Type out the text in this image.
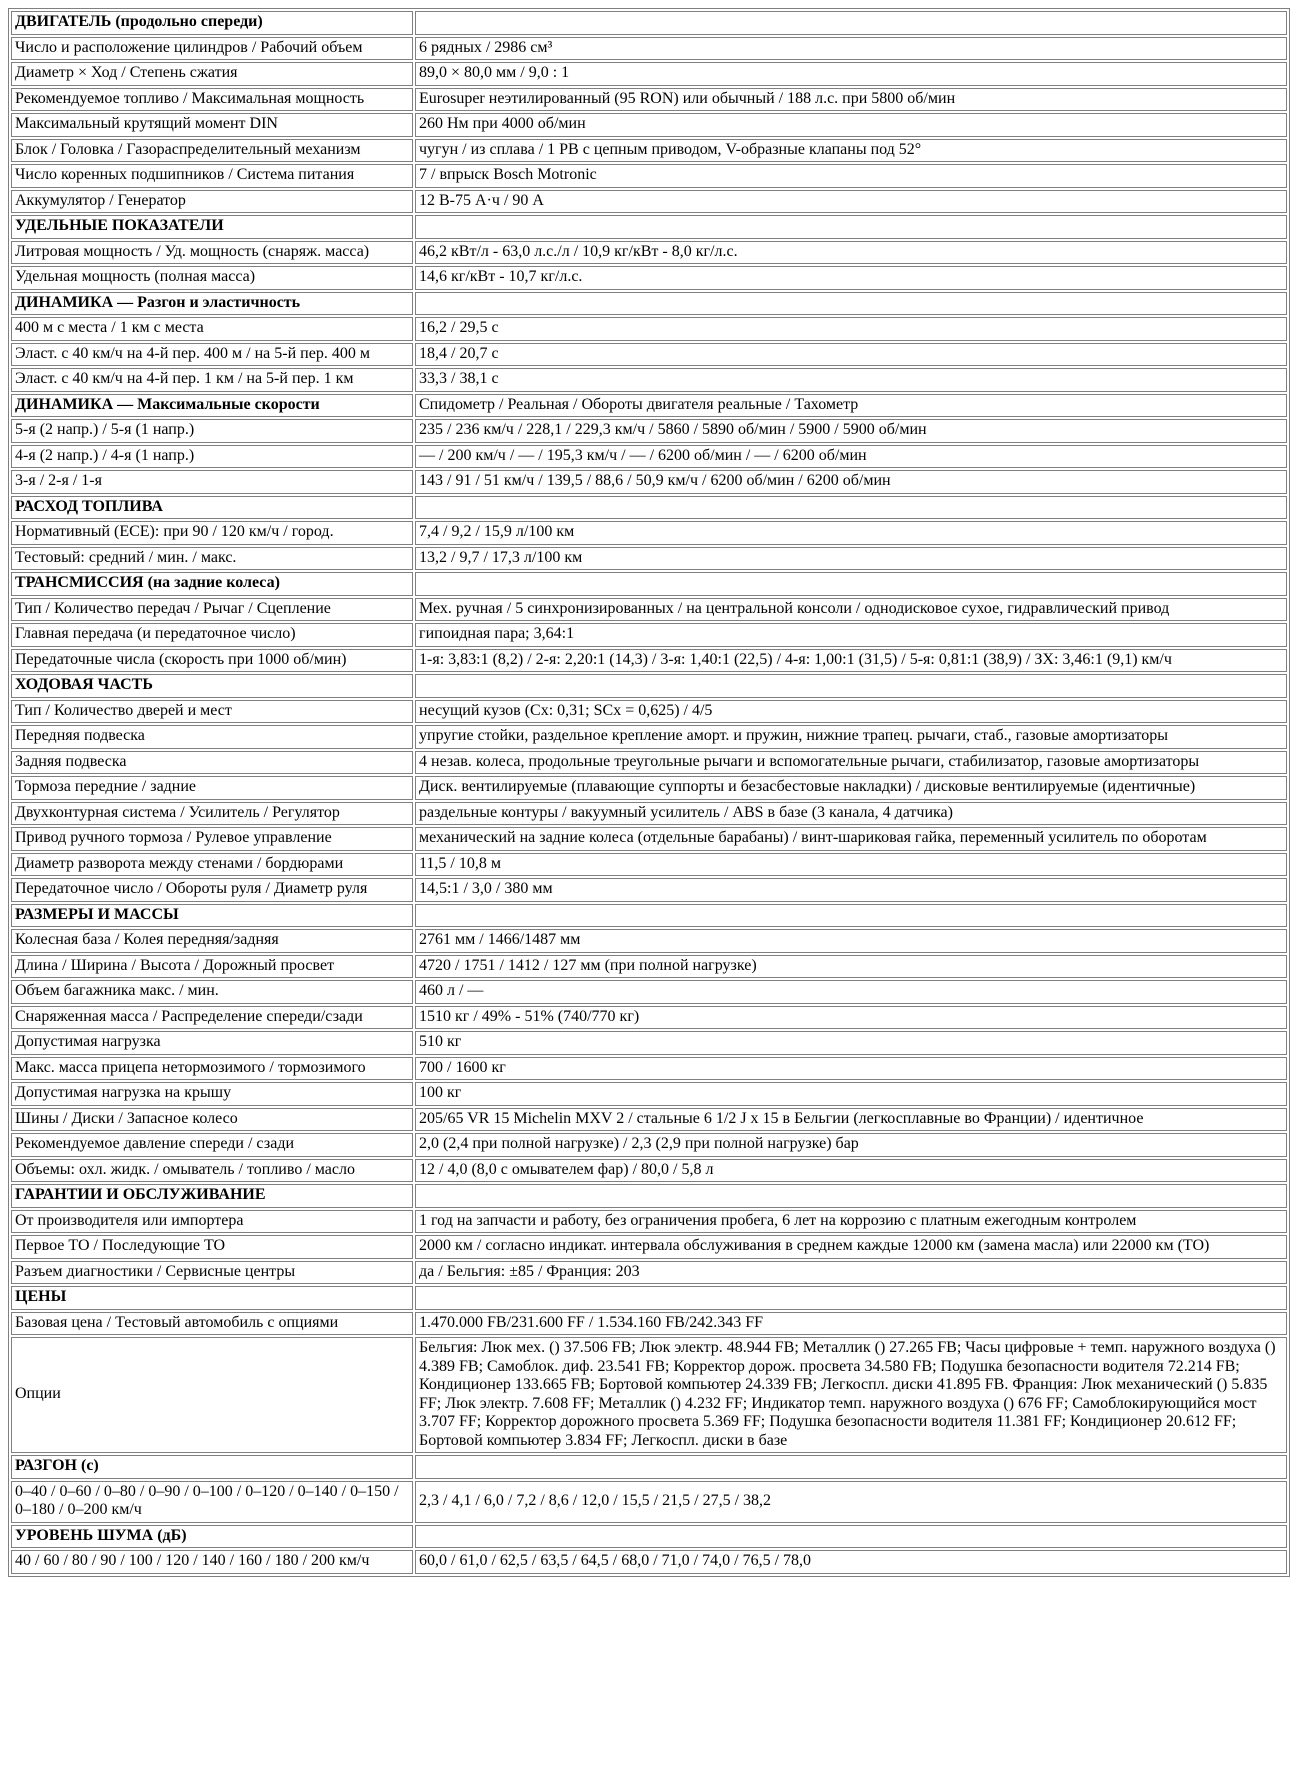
ДВИГАТЕЛЬ (продольно спереди)	
Число и расположение цилиндров / Рабочий объем	6 рядных / 2986 см³
Диаметр × Ход / Степень сжатия	89,0 × 80,0 мм / 9,0 : 1
Рекомендуемое топливо / Максимальная мощность	Eurosuper неэтилированный (95 RON) или обычный / 188 л.с. при 5800 об/мин
Максимальный крутящий момент DIN	260 Нм при 4000 об/мин
Блок / Головка / Газораспределительный механизм	чугун / из сплава / 1 РВ с цепным приводом, V-образные клапаны под 52°
Число коренных подшипников / Система питания	7 / впрыск Bosch Motronic
Аккумулятор / Генератор	12 В-75 А·ч / 90 А
УДЕЛЬНЫЕ ПОКАЗАТЕЛИ	
Литровая мощность / Уд. мощность (снаряж. масса)	46,2 кВт/л - 63,0 л.с./л / 10,9 кг/кВт - 8,0 кг/л.с.
Удельная мощность (полная масса)	14,6 кг/кВт - 10,7 кг/л.с.
ДИНАМИКА — Разгон и эластичность	
400 м с места / 1 км с места	16,2 / 29,5 с
Эласт. с 40 км/ч на 4-й пер. 400 м / на 5-й пер. 400 м	18,4 / 20,7 с
Эласт. с 40 км/ч на 4-й пер. 1 км / на 5-й пер. 1 км	33,3 / 38,1 с
ДИНАМИКА — Максимальные скорости	Спидометр / Реальная / Обороты двигателя реальные / Тахометр
5-я (2 напр.) / 5-я (1 напр.)	235 / 236 км/ч / 228,1 / 229,3 км/ч / 5860 / 5890 об/мин / 5900 / 5900 об/мин
4-я (2 напр.) / 4-я (1 напр.)	— / 200 км/ч / — / 195,3 км/ч / — / 6200 об/мин / — / 6200 об/мин
3-я / 2-я / 1-я	143 / 91 / 51 км/ч / 139,5 / 88,6 / 50,9 км/ч / 6200 об/мин / 6200 об/мин
РАСХОД ТОПЛИВА	
Нормативный (ЕСЕ): при 90 / 120 км/ч / город.	7,4 / 9,2 / 15,9 л/100 км
Тестовый: средний / мин. / макс.	13,2 / 9,7 / 17,3 л/100 км
ТРАНСМИССИЯ (на задние колеса)	
Тип / Количество передач / Рычаг / Сцепление	Мех. ручная / 5 синхронизированных / на центральной консоли / однодисковое сухое, гидравлический привод
Главная передача (и передаточное число)	гипоидная пара; 3,64:1
Передаточные числа (скорость при 1000 об/мин)	1-я: 3,83:1 (8,2) / 2-я: 2,20:1 (14,3) / 3-я: 1,40:1 (22,5) / 4-я: 1,00:1 (31,5) / 5-я: 0,81:1 (38,9) / ЗХ: 3,46:1 (9,1) км/ч
ХОДОВАЯ ЧАСТЬ	
Тип / Количество дверей и мест	несущий кузов (Cx: 0,31; SCx = 0,625) / 4/5
Передняя подвеска	упругие стойки, раздельное крепление аморт. и пружин, нижние трапец. рычаги, стаб., газовые амортизаторы
Задняя подвеска	4 незав. колеса, продольные треугольные рычаги и вспомогательные рычаги, стабилизатор, газовые амортизаторы
Тормоза передние / задние	Диск. вентилируемые (плавающие суппорты и безасбестовые накладки) / дисковые вентилируемые (идентичные)
Двухконтурная система / Усилитель / Регулятор	раздельные контуры / вакуумный усилитель / ABS в базе (3 канала, 4 датчика)
Привод ручного тормоза / Рулевое управление	механический на задние колеса (отдельные барабаны) / винт-шариковая гайка, переменный усилитель по оборотам
Диаметр разворота между стенами / бордюрами	11,5 / 10,8 м
Передаточное число / Обороты руля / Диаметр руля	14,5:1 / 3,0 / 380 мм
РАЗМЕРЫ И МАССЫ	
Колесная база / Колея передняя/задняя	2761 мм / 1466/1487 мм
Длина / Ширина / Высота / Дорожный просвет	4720 / 1751 / 1412 / 127 мм (при полной нагрузке)
Объем багажника макс. / мин.	460 л / —
Снаряженная масса / Распределение спереди/сзади	1510 кг / 49% - 51% (740/770 кг)
Допустимая нагрузка	510 кг
Макс. масса прицепа нетормозимого / тормозимого	700 / 1600 кг
Допустимая нагрузка на крышу	100 кг
Шины / Диски / Запасное колесо	205/65 VR 15 Michelin MXV 2 / стальные 6 1/2 J x 15 в Бельгии (легкосплавные во Франции) / идентичное
Рекомендуемое давление спереди / сзади	2,0 (2,4 при полной нагрузке) / 2,3 (2,9 при полной нагрузке) бар
Объемы: охл. жидк. / омыватель / топливо / масло	12 / 4,0 (8,0 с омывателем фар) / 80,0 / 5,8 л
ГАРАНТИИ И ОБСЛУЖИВАНИЕ	
От производителя или импортера	1 год на запчасти и работу, без ограничения пробега, 6 лет на коррозию с платным ежегодным контролем
Первое ТО / Последующие ТО	2000 км / согласно индикат. интервала обслуживания в среднем каждые 12000 км (замена масла) или 22000 км (ТО)
Разъем диагностики / Сервисные центры	да / Бельгия: ±85 / Франция: 203
ЦЕНЫ	
Базовая цена / Тестовый автомобиль с опциями	1.470.000 FB/231.600 FF / 1.534.160 FB/242.343 FF
Опции	Бельгия: Люк мех. () 37.506 FB; Люк электр. 48.944 FB; Металлик () 27.265 FB; Часы цифровые + темп. наружного воздуха () 4.389 FB; Самоблок. диф. 23.541 FB; Корректор дорож. просвета 34.580 FB; Подушка безопасности водителя 72.214 FB; Кондиционер 133.665 FB; Бортовой компьютер 24.339 FB; Легкоспл. диски 41.895 FB. Франция: Люк механический () 5.835 FF; Люк электр. 7.608 FF; Металлик () 4.232 FF; Индикатор темп. наружного воздуха () 676 FF; Самоблокирующийся мост 3.707 FF; Корректор дорожного просвета 5.369 FF; Подушка безопасности водителя 11.381 FF; Кондиционер 20.612 FF; Бортовой компьютер 3.834 FF; Легкоспл. диски в базе
РАЗГОН (с)	
0–40 / 0–60 / 0–80 / 0–90 / 0–100 / 0–120 / 0–140 / 0–150 / 0–180 / 0–200 км/ч	2,3 / 4,1 / 6,0 / 7,2 / 8,6 / 12,0 / 15,5 / 21,5 / 27,5 / 38,2
УРОВЕНЬ ШУМА (дБ)	
40 / 60 / 80 / 90 / 100 / 120 / 140 / 160 / 180 / 200 км/ч	60,0 / 61,0 / 62,5 / 63,5 / 64,5 / 68,0 / 71,0 / 74,0 / 76,5 / 78,0
